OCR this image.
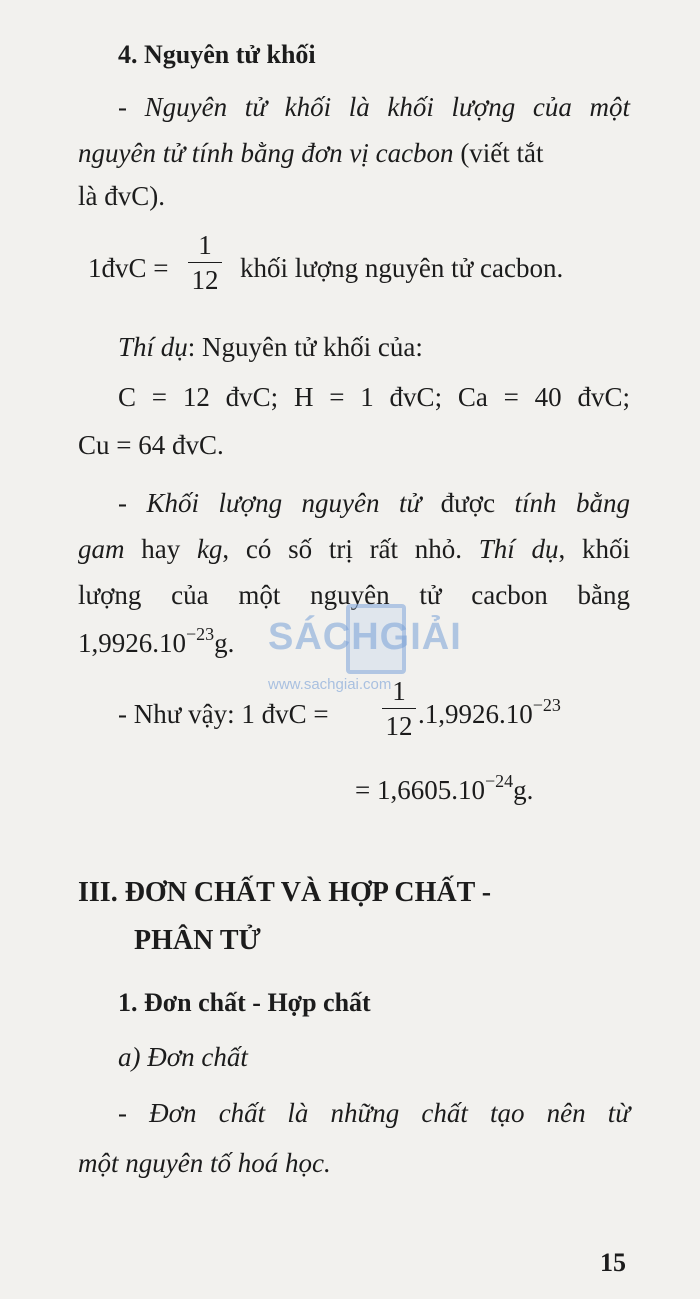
4. Nguyên tử khối
- Nguyên tử khối là khối lượng của một
nguyên tử tính bằng đơn vị cacbon (viết tắt
là đvC).
1đvC =
1
12 khối lượng nguyên tử cacbon.
Thí dụ: Nguyên tử khối của:
C = 12 đvC; H = 1 đvC; Ca = 40 đvC;
Cu = 64 đvC.
- Khối lượng nguyên tử được tính bằng
gam hay kg, có số trị rất nhỏ. Thí dụ, khối
lượng của một nguyên tử cacbon bằng
$1,9926.10^{-23}g$.
- Như vậy: 1 đvC =
1
12 $.1,9926.10^{-23}$
= $1,6605.10^{-24}g$.
III. ĐƠN CHẤT VÀ HỢP CHẤT -
PHÂN TỬ
1. Đơn chất - Hợp chất
a) Đơn chất
- Đơn chất là những chất tạo nên từ
một nguyên tố hoá học.
SÁCHGIẢI
www.sachgiai.com
15
